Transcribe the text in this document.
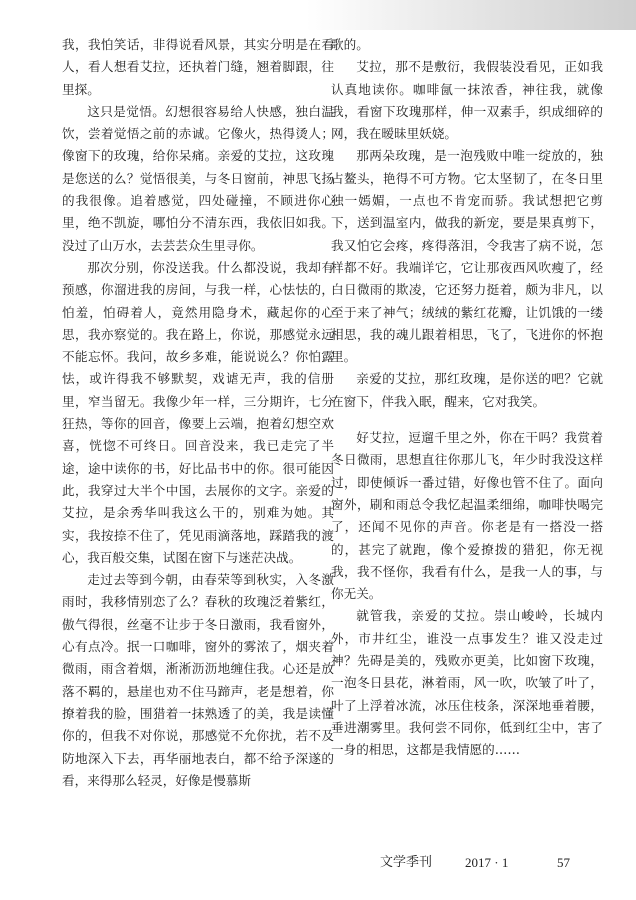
我，我怕笑话，非得说看风景，其实分明是在看人，看人想看艾拉，还执着门缝，翘着脚跟，往里探。

这只是觉悟。幻想很容易给人快感，独白温饮，尝着觉悟之前的赤诚。它像火，热得烫人；像窗下的玫瑰，给你呆痛。亲爱的艾拉，这玫瑰是您送的么？觉悟很美，与冬日窗前，神思飞扬的我很像。追着感觉，四处碰撞，不顾进你心里，绝不凯旋，哪怕分不清东西，我依旧如我。没过了山万水，去芸芸众生里寻你。

那次分别，你没送我。什么都没说，我却有预感，你溜进我的房间，与我一样，心怯怯的，怕羞，怕碍着人，竟然用隐身术，藏起你的心思，我亦察觉的。我在路上，你说，那感觉永远不能忘怀。我问，故乡多难，能说说么？你怕露怯，或许得我不够默契，戏谑无声，我的信册里，窄当留无。我像少年一样，三分期许，七分狂热，等你的回音，像要上云端，抱着幻想空欢喜，恍惚不可终日。回音没来，我已走完了半途，途中读你的书，好比品书中的你。很可能因此，我穿过大半个中国，去展你的文字。亲爱的艾拉，是余秀华叫我这么干的，别难为她。其实，我按捺不住了，凭见雨滴落地，踩踏我的渡心，我百般交集，试图在窗下与迷茫决战。

走过去等到今朝，由春荣等到秋实，入冬激雨时，我移情别恋了么？春秋的玫瑰泛着紫红，傲气得很，丝毫不让步于冬日激雨，我看窗外，心有点冷。抿一口咖啡，窗外的雾浓了，烟夹着微雨，雨含着烟，淅淅沥沥地缠住我。心还是放落不羁的，悬崖也劝不住马蹄声，老是想着，你撩着我的脸，围猎着一抹熟透了的美，我是读懂你的，但我不对你说，那感觉不允你扰，若不及防地深入下去，再华丽地表白，都不给予深遂的看，来得那么轻灵，好像是慢慕斯

歌的。

艾拉，那不是敷衍，我假装没看见，正如我认真地读你。咖啡氤一抹浓香，神往我，就像我，看窗下玫瑰那样，伸一双素手，织成细碎的网，我在暧昧里妖娆。

那两朵玫瑰，是一泡残败中唯一绽放的，独占鳌头，艳得不可方物。它太坚韧了，在冬日里独一嫣媚，一点也不肯宠而骄。我试想把它剪下，送到温室内，做我的新宠，要是果真剪下，我又怕它会疼，疼得落泪，令我害了病不说，怎样都不好。我端详它，它让那夜西风吹瘦了，经白日微雨的欺凌，它还努力挺着，颇为非凡，以至于来了神气；绒绒的紫红花瓣，让饥饿的一缕相思，我的魂儿跟着相思，飞了，飞进你的怀抱里。

亲爱的艾拉，那红玫瑰，是你送的吧？它就在窗下，伴我入眠，醒来，它对我笑。

好艾拉，逗遛千里之外，你在干吗？我赏着冬日微雨，思想直往你那儿飞，年少时我没这样过，即使倾诉一番过错，好像也管不住了。面向窗外，刷和雨总令我忆起温柔细绵，咖啡快喝完了，还闻不见你的声音。你老是有一搭没一搭的，甚完了就跑，像个爱撩拨的猎犯，你无视我，我不怪你，我看有什么，是我一人的事，与你无关。

就管我，亲爱的艾拉。崇山峻岭，长城内外，市井红尘，谁没一点事发生？谁又没走过神？先碍是美的，残败亦更美，比如窗下玫瑰，一泡冬日县花，淋着雨，风一吹，吹皱了叶了，叶了上浮着冰流，冰压住枝条，深深地垂着腰，垂进潮雾里。我何尝不同你，低到红尘中，害了一身的相思，这都是我情愿的……

文学季刊	2017 · 1	57
